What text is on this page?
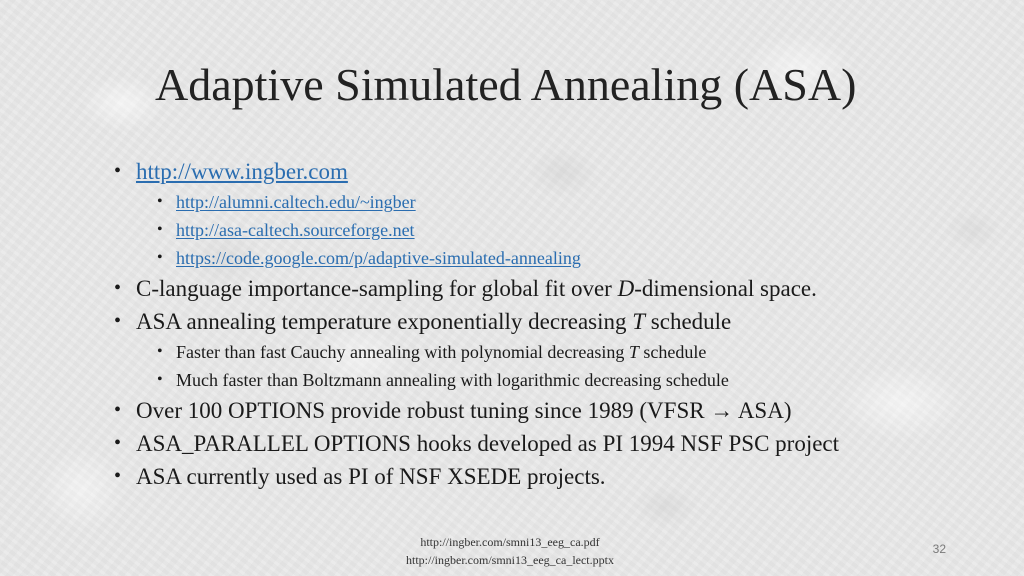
Adaptive Simulated Annealing (ASA)
• http://www.ingber.com
• http://alumni.caltech.edu/~ingber
• http://asa-caltech.sourceforge.net
• https://code.google.com/p/adaptive-simulated-annealing
• C-language importance-sampling for global fit over D-dimensional space.
• ASA annealing temperature exponentially decreasing T schedule
• Faster than fast Cauchy annealing with polynomial decreasing T schedule
• Much faster than Boltzmann annealing with logarithmic decreasing schedule
• Over 100 OPTIONS provide robust tuning since 1989 (VFSR → ASA)
• ASA_PARALLEL OPTIONS hooks developed as PI 1994 NSF PSC project
• ASA currently used as PI of NSF XSEDE projects.
http://ingber.com/smni13_eeg_ca.pdf
http://ingber.com/smni13_eeg_ca_lect.pptx
32
